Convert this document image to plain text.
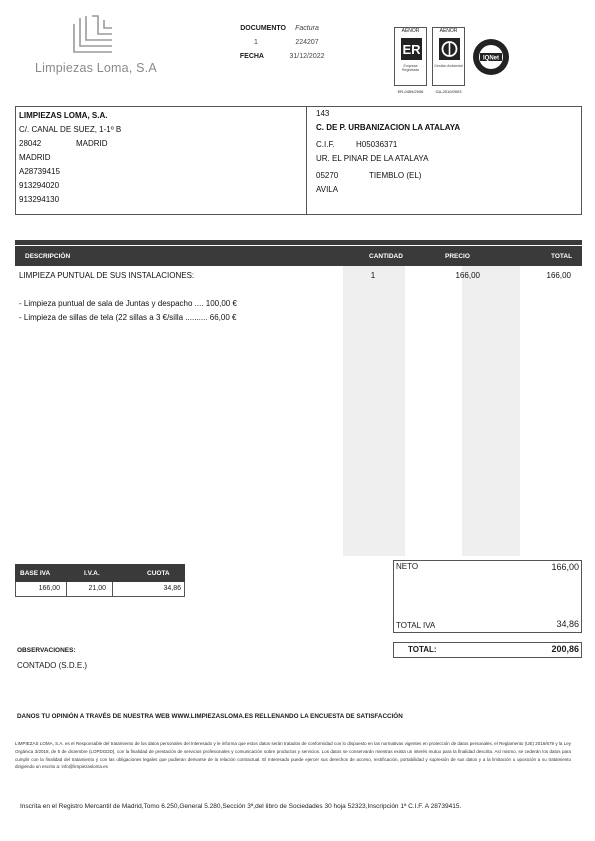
Limpiezas Loma, S.A
DOCUMENTO	Factura
1	224207
FECHA	31/12/2022
AENOR
ER
Empresa Registrada
ER-0459/2006
AENOR
Gestión Ambiental
GA-2010/0003
IQNet
LIMPIEZAS LOMA, S.A.
C/. CANAL DE SUEZ, 1-1º B
28042	MADRID
MADRID
A28739415
913294020
913294130
143
C. DE P. URBANIZACION LA ATALAYA
C.I.F.	H05036371
UR. EL PINAR DE LA ATALAYA
05270	TIEMBLO (EL)
AVILA
DESCRIPCIÓN	CANTIDAD	PRECIO	TOTAL
LIMPIEZA PUNTUAL DE SUS INSTALACIONES:	1	166,00	166,00
- Limpieza puntual de sala de Juntas y despacho .... 100,00 €
- Limpieza de sillas de tela (22 sillas a 3 €/silla .......... 66,00 €
BASE IVA	I.V.A.	CUOTA
166,00	21,00	34,86
NETO	166,00
TOTAL IVA	34,86
TOTAL:	200,86
OBSERVACIONES:
CONTADO (S.D.E.)
DANOS TU OPINIÓN A TRAVÉS DE NUESTRA WEB WWW.LIMPIEZASLOMA.ES RELLENANDO LA ENCUESTA DE SATISFACCIÓN
LIMPIEZAS LOMA, S.A. es el Responsable del tratamiento de los datos personales del Interesado y le informa que estos datos serán tratados de conformidad con lo dispuesto en las normativas vigentes en protección de datos personales, el Reglamento (UE) 2016/679 y la Ley Orgánica 3/2018, de 5 de diciembre (LOPDGDD), con la finalidad de prestación de servicios profesionales y comunicación sobre productos y servicios. Los datos se conservarán mientras exista un interés mutuo para la finalidad descrita. Así mismo, se cederán los datos para cumplir con la finalidad del tratamiento y con las obligaciones legales que pudieran derivarse de la relación contractual. El Interesado puede ejercer sus derechos de acceso, rectificación, portabilidad y supresión de sus datos y a la limitación u oposición a su tratamiento dirigiendo un escrito a: info@limpiezasloma.es
Inscrita en el Registro Mercantil de Madrid,Tomo 6.250,General 5.280,Sección 3ª,del libro de Sociedades 30 hoja 52323,Inscripción 1ª C.I.F. A 28739415.
